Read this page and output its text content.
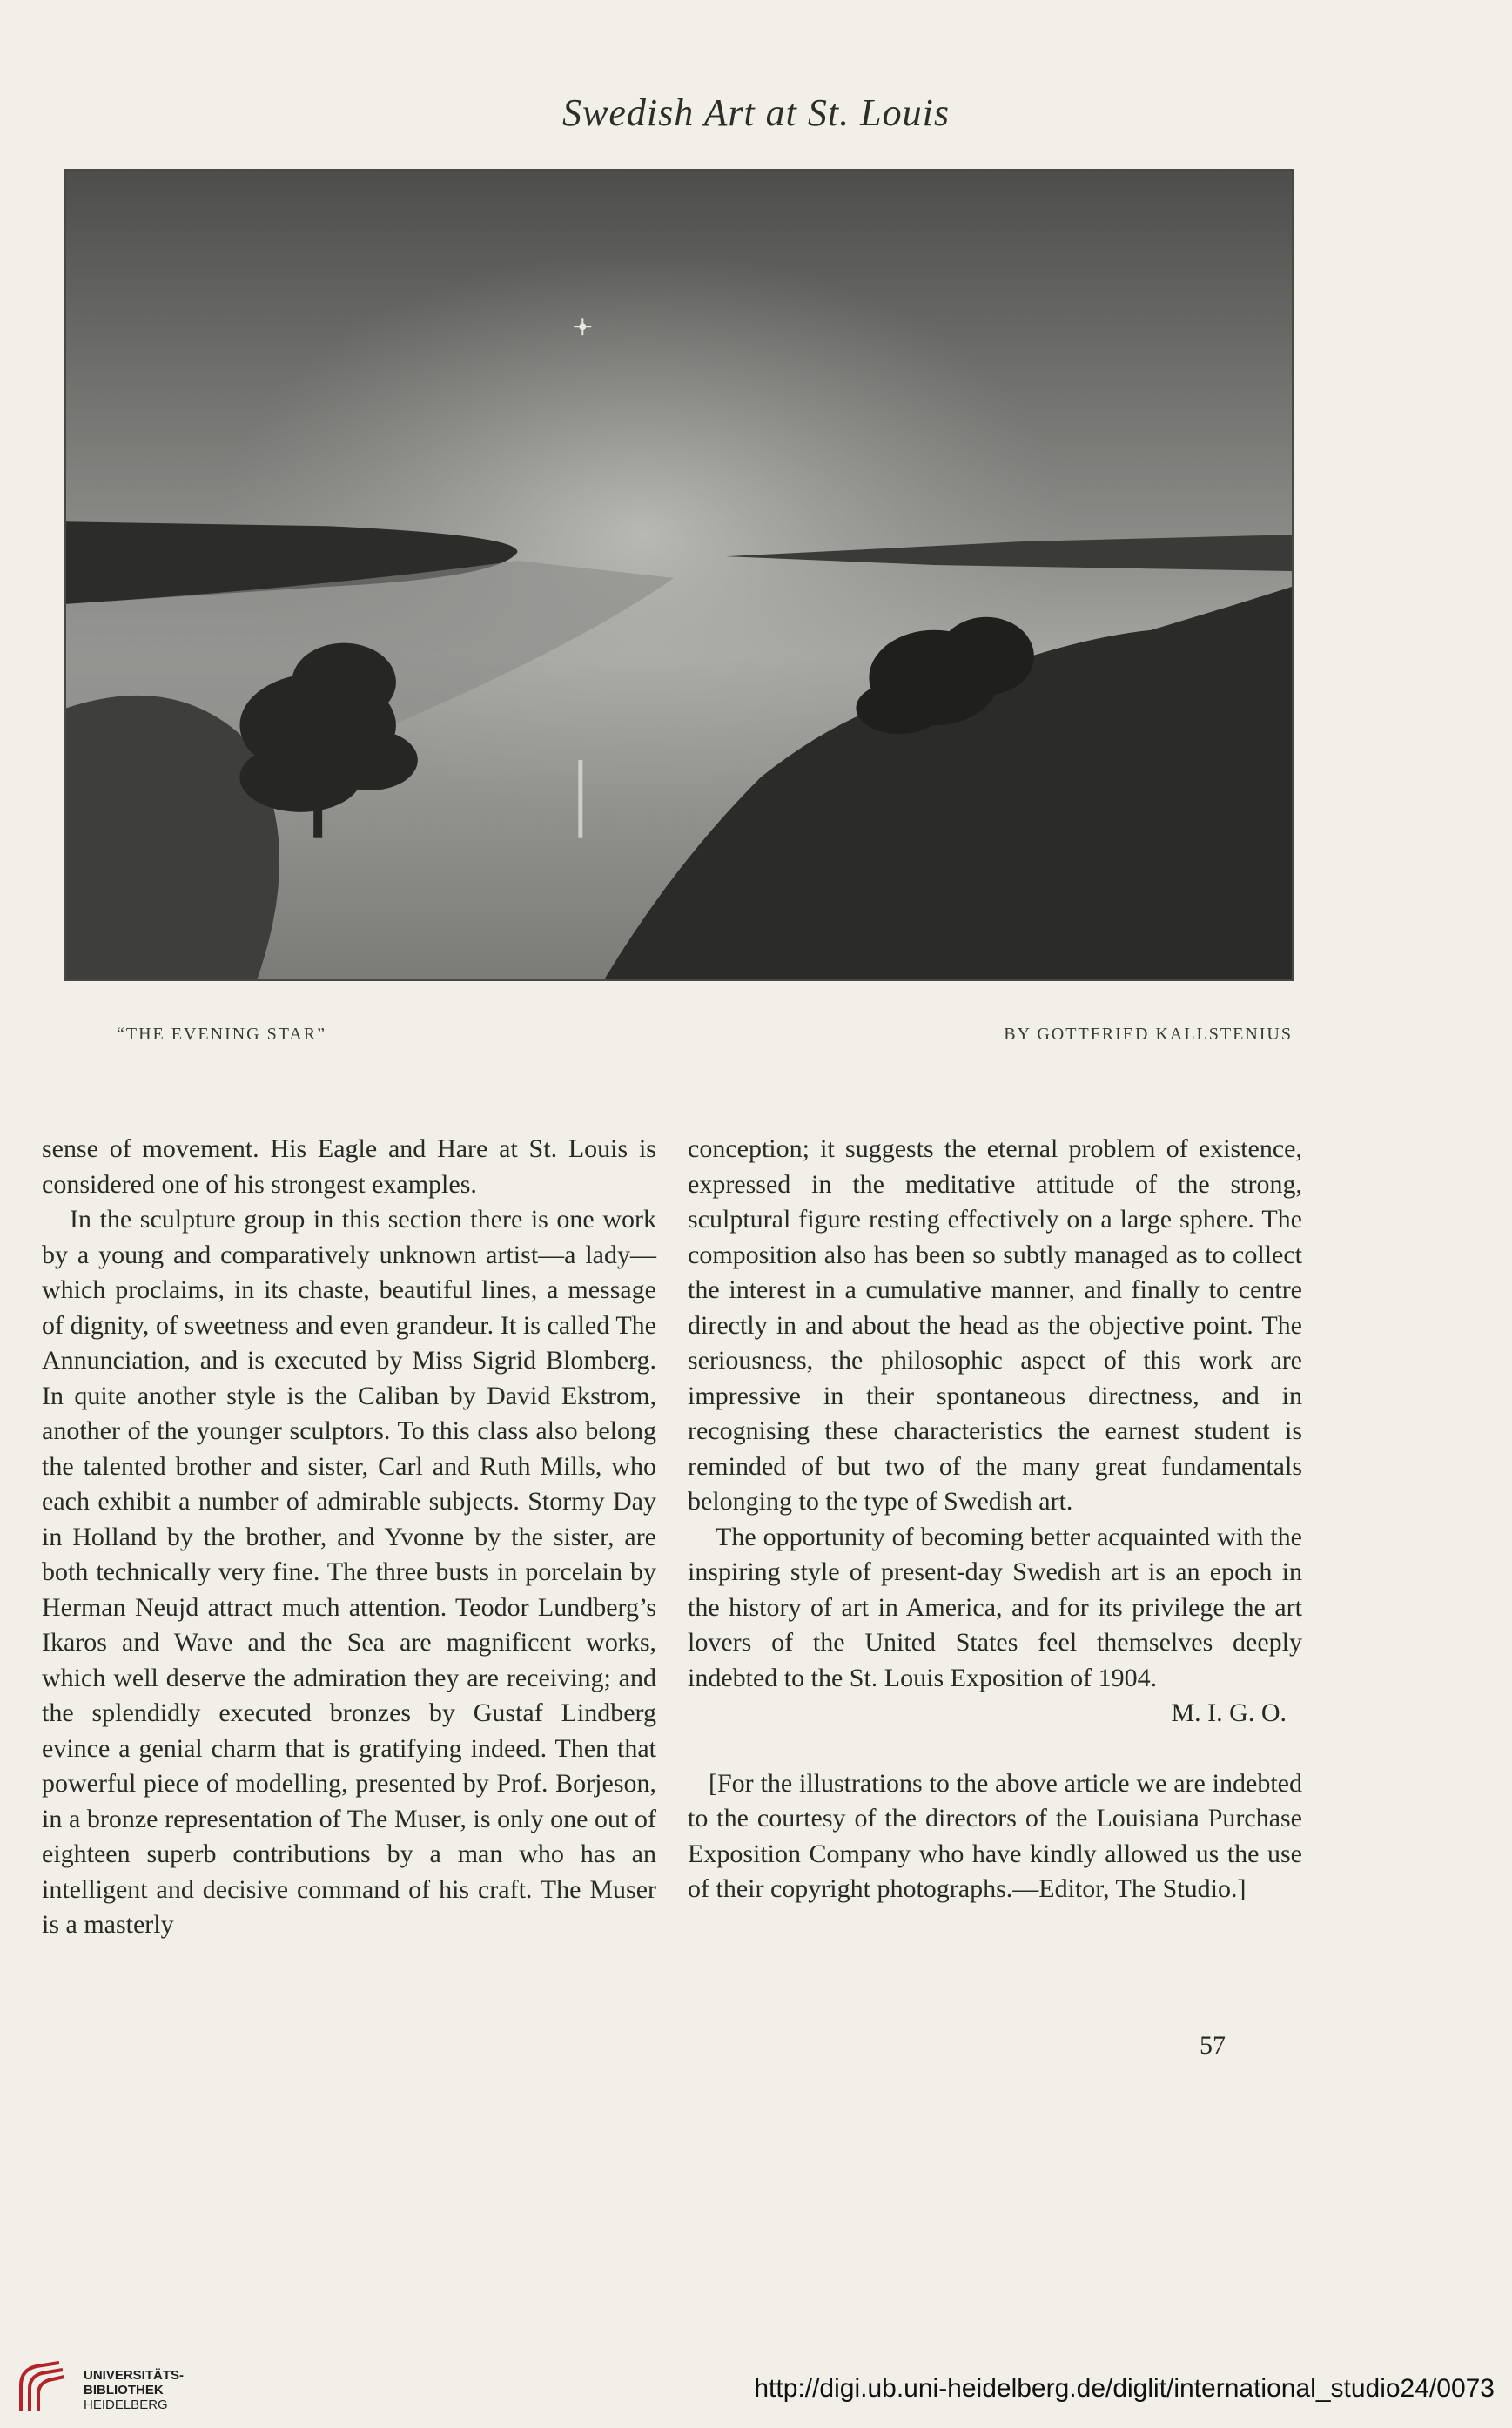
Swedish Art at St. Louis
“THE EVENING STAR”	BY GOTTFRIED KALLSTENIUS

sense of movement. His Eagle and Hare at St. Louis is considered one of his strongest examples.

In the sculpture group in this section there is one work by a young and comparatively unknown artist—a lady—which proclaims, in its chaste, beautiful lines, a message of dignity, of sweetness and even grandeur. It is called The Annunciation, and is executed by Miss Sigrid Blomberg. In quite another style is the Caliban by David Ekstrom, another of the younger sculptors. To this class also belong the talented brother and sister, Carl and Ruth Mills, who each exhibit a number of admirable subjects. Stormy Day in Holland by the brother, and Yvonne by the sister, are both technically very fine. The three busts in porcelain by Herman Neujd attract much attention. Teodor Lundberg’s Ikaros and Wave and the Sea are magnificent works, which well deserve the admiration they are receiving; and the splendidly executed bronzes by Gustaf Lindberg evince a genial charm that is gratifying indeed. Then that powerful piece of modelling, presented by Prof. Borjeson, in a bronze representation of The Muser, is only one out of eighteen superb contributions by a man who has an intelligent and decisive command of his craft. The Muser is a masterly

conception; it suggests the eternal problem of existence, expressed in the meditative attitude of the strong, sculptural figure resting effectively on a large sphere. The composition also has been so subtly managed as to collect the interest in a cumulative manner, and finally to centre directly in and about the head as the objective point. The seriousness, the philosophic aspect of this work are impressive in their spontaneous directness, and in recognising these characteristics the earnest student is reminded of but two of the many great fundamentals belonging to the type of Swedish art.

The opportunity of becoming better acquainted with the inspiring style of present-day Swedish art is an epoch in the history of art in America, and for its privilege the art lovers of the United States feel themselves deeply indebted to the St. Louis Exposition of 1904.

M. I. G. O.

[For the illustrations to the above article we are indebted to the courtesy of the directors of the Louisiana Purchase Exposition Company who have kindly allowed us the use of their copyright photographs.—Editor, The Studio.]

57
UNIVERSITÄTS-
BIBLIOTHEK
HEIDELBERG
http://digi.ub.uni-heidelberg.de/diglit/international_studio24/0073
